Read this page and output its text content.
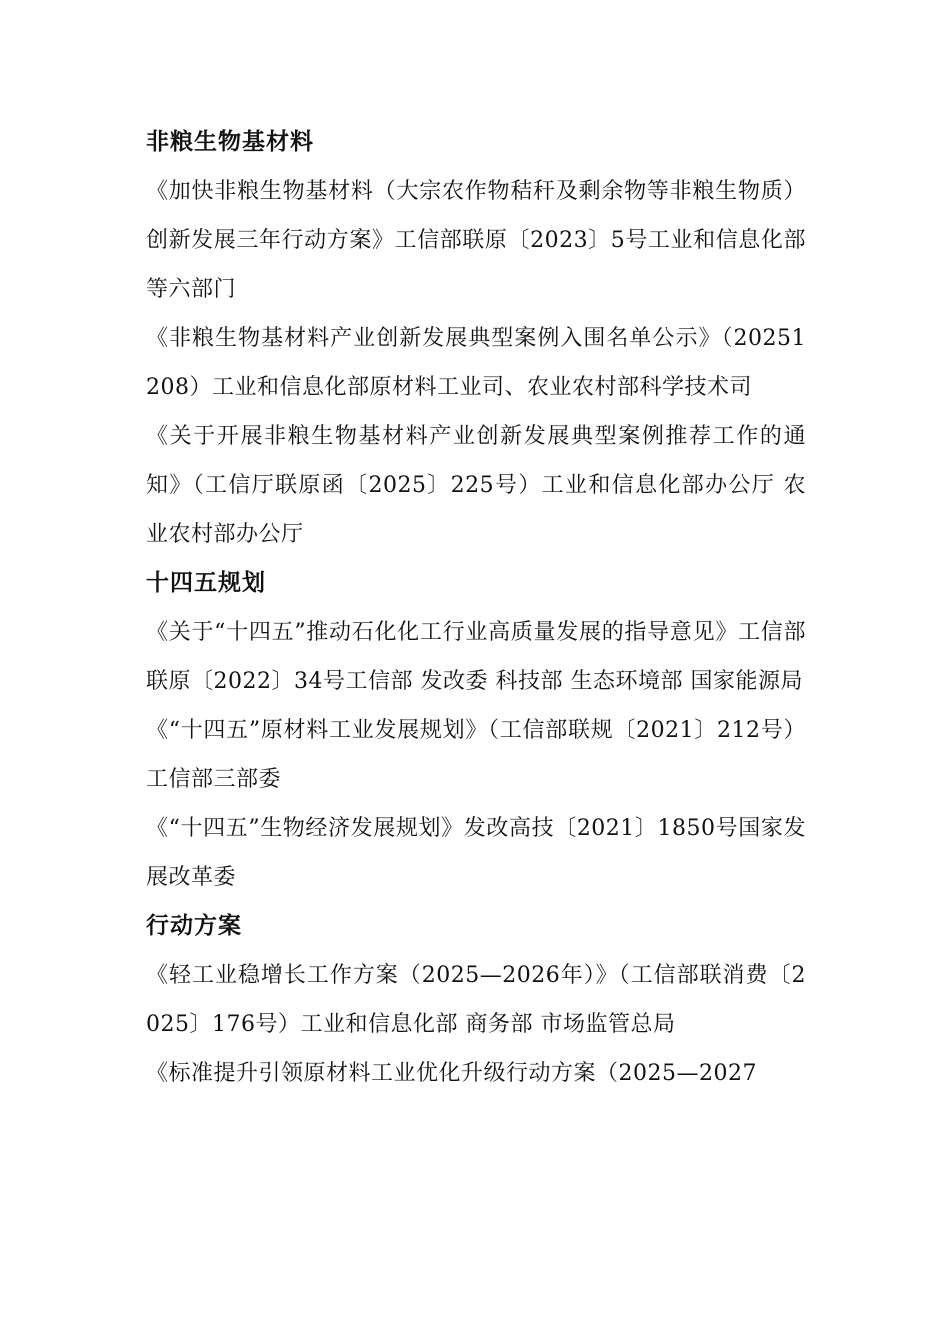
非粮生物基材料

《加快非粮生物基材料（大宗农作物秸秆及剩余物等非粮生物质）创新发展三年行动方案》工信部联原〔2023〕5号工业和信息化部等六部门

《非粮生物基材料产业创新发展典型案例入围名单公示》（20251208）工业和信息化部原材料工业司、农业农村部科学技术司

《关于开展非粮生物基材料产业创新发展典型案例推荐工作的通知》（工信厅联原函〔2025〕225号）工业和信息化部办公厅 农业农村部办公厅

十四五规划

《关于“十四五”推动石化化工行业高质量发展的指导意见》工信部联原〔2022〕34号工信部 发改委 科技部 生态环境部 国家能源局

《“十四五”原材料工业发展规划》（工信部联规〔2021〕212号）工信部三部委

《“十四五”生物经济发展规划》发改高技〔2021〕1850号国家发展改革委

行动方案

《轻工业稳增长工作方案（2025—2026年）》（工信部联消费〔2025〕176号）工业和信息化部 商务部 市场监管总局

《标准提升引领原材料工业优化升级行动方案（2025—2027
